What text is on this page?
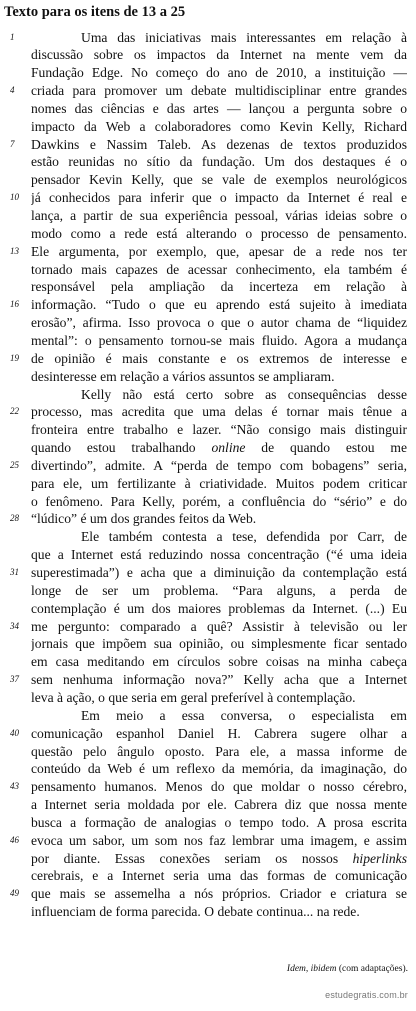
Texto para os itens de 13 a 25
Uma das iniciativas mais interessantes em relação à
discussão sobre os impactos da Internet na mente vem da
Fundação Edge. No começo do ano de 2010, a instituição —
criada para promover um debate multidisciplinar entre grandes
nomes das ciências e das artes — lançou a pergunta sobre o
impacto da Web a colaboradores como Kevin Kelly, Richard
Dawkins e Nassim Taleb. As dezenas de textos produzidos
estão reunidas no sítio da fundação. Um dos destaques é o
pensador Kevin Kelly, que se vale de exemplos neurológicos
já conhecidos para inferir que o impacto da Internet é real e
lança, a partir de sua experiência pessoal, várias ideias sobre o
modo como a rede está alterando o processo de pensamento.
Ele argumenta, por exemplo, que, apesar de a rede nos ter
tornado mais capazes de acessar conhecimento, ela também é
responsável pela ampliação da incerteza em relação à
informação. “Tudo o que eu aprendo está sujeito à imediata
erosão”, afirma. Isso provoca o que o autor chama de “liquidez
mental”: o pensamento tornou-se mais fluido. Agora a mudança
de opinião é mais constante e os extremos de interesse e
desinteresse em relação a vários assuntos se ampliaram.
Kelly não está certo sobre as consequências desse
processo, mas acredita que uma delas é tornar mais tênue a
fronteira entre trabalho e lazer. “Não consigo mais distinguir
quando estou trabalhando online de quando estou me
divertindo”, admite. A “perda de tempo com bobagens” seria,
para ele, um fertilizante à criatividade. Muitos podem criticar
o fenômeno. Para Kelly, porém, a confluência do “sério” e do
“lúdico” é um dos grandes feitos da Web.
Ele também contesta a tese, defendida por Carr, de
que a Internet está reduzindo nossa concentração (“é uma ideia
superestimada”) e acha que a diminuição da contemplação está
longe de ser um problema. “Para alguns, a perda de
contemplação é um dos maiores problemas da Internet. (...) Eu
me pergunto: comparado a quê? Assistir à televisão ou ler
jornais que impõem sua opinião, ou simplesmente ficar sentado
em casa meditando em círculos sobre coisas na minha cabeça
sem nenhuma informação nova?” Kelly acha que a Internet
leva à ação, o que seria em geral preferível à contemplação.
Em meio a essa conversa, o especialista em
comunicação espanhol Daniel H. Cabrera sugere olhar a
questão pelo ângulo oposto. Para ele, a massa informe de
conteúdo da Web é um reflexo da memória, da imaginação, do
pensamento humanos. Menos do que moldar o nosso cérebro,
a Internet seria moldada por ele. Cabrera diz que nossa mente
busca a formação de analogias o tempo todo. A prosa escrita
evoca um sabor, um som nos faz lembrar uma imagem, e assim
por diante. Essas conexões seriam os nossos hiperlinks
cerebrais, e a Internet seria uma das formas de comunicação
que mais se assemelha a nós próprios. Criador e criatura se
influenciam de forma parecida. O debate continua... na rede.
1
4
7
10
13
16
19
22
25
28
31
34
37
40
43
46
49
Idem, ibidem (com adaptações).
estudegratis.com.br
